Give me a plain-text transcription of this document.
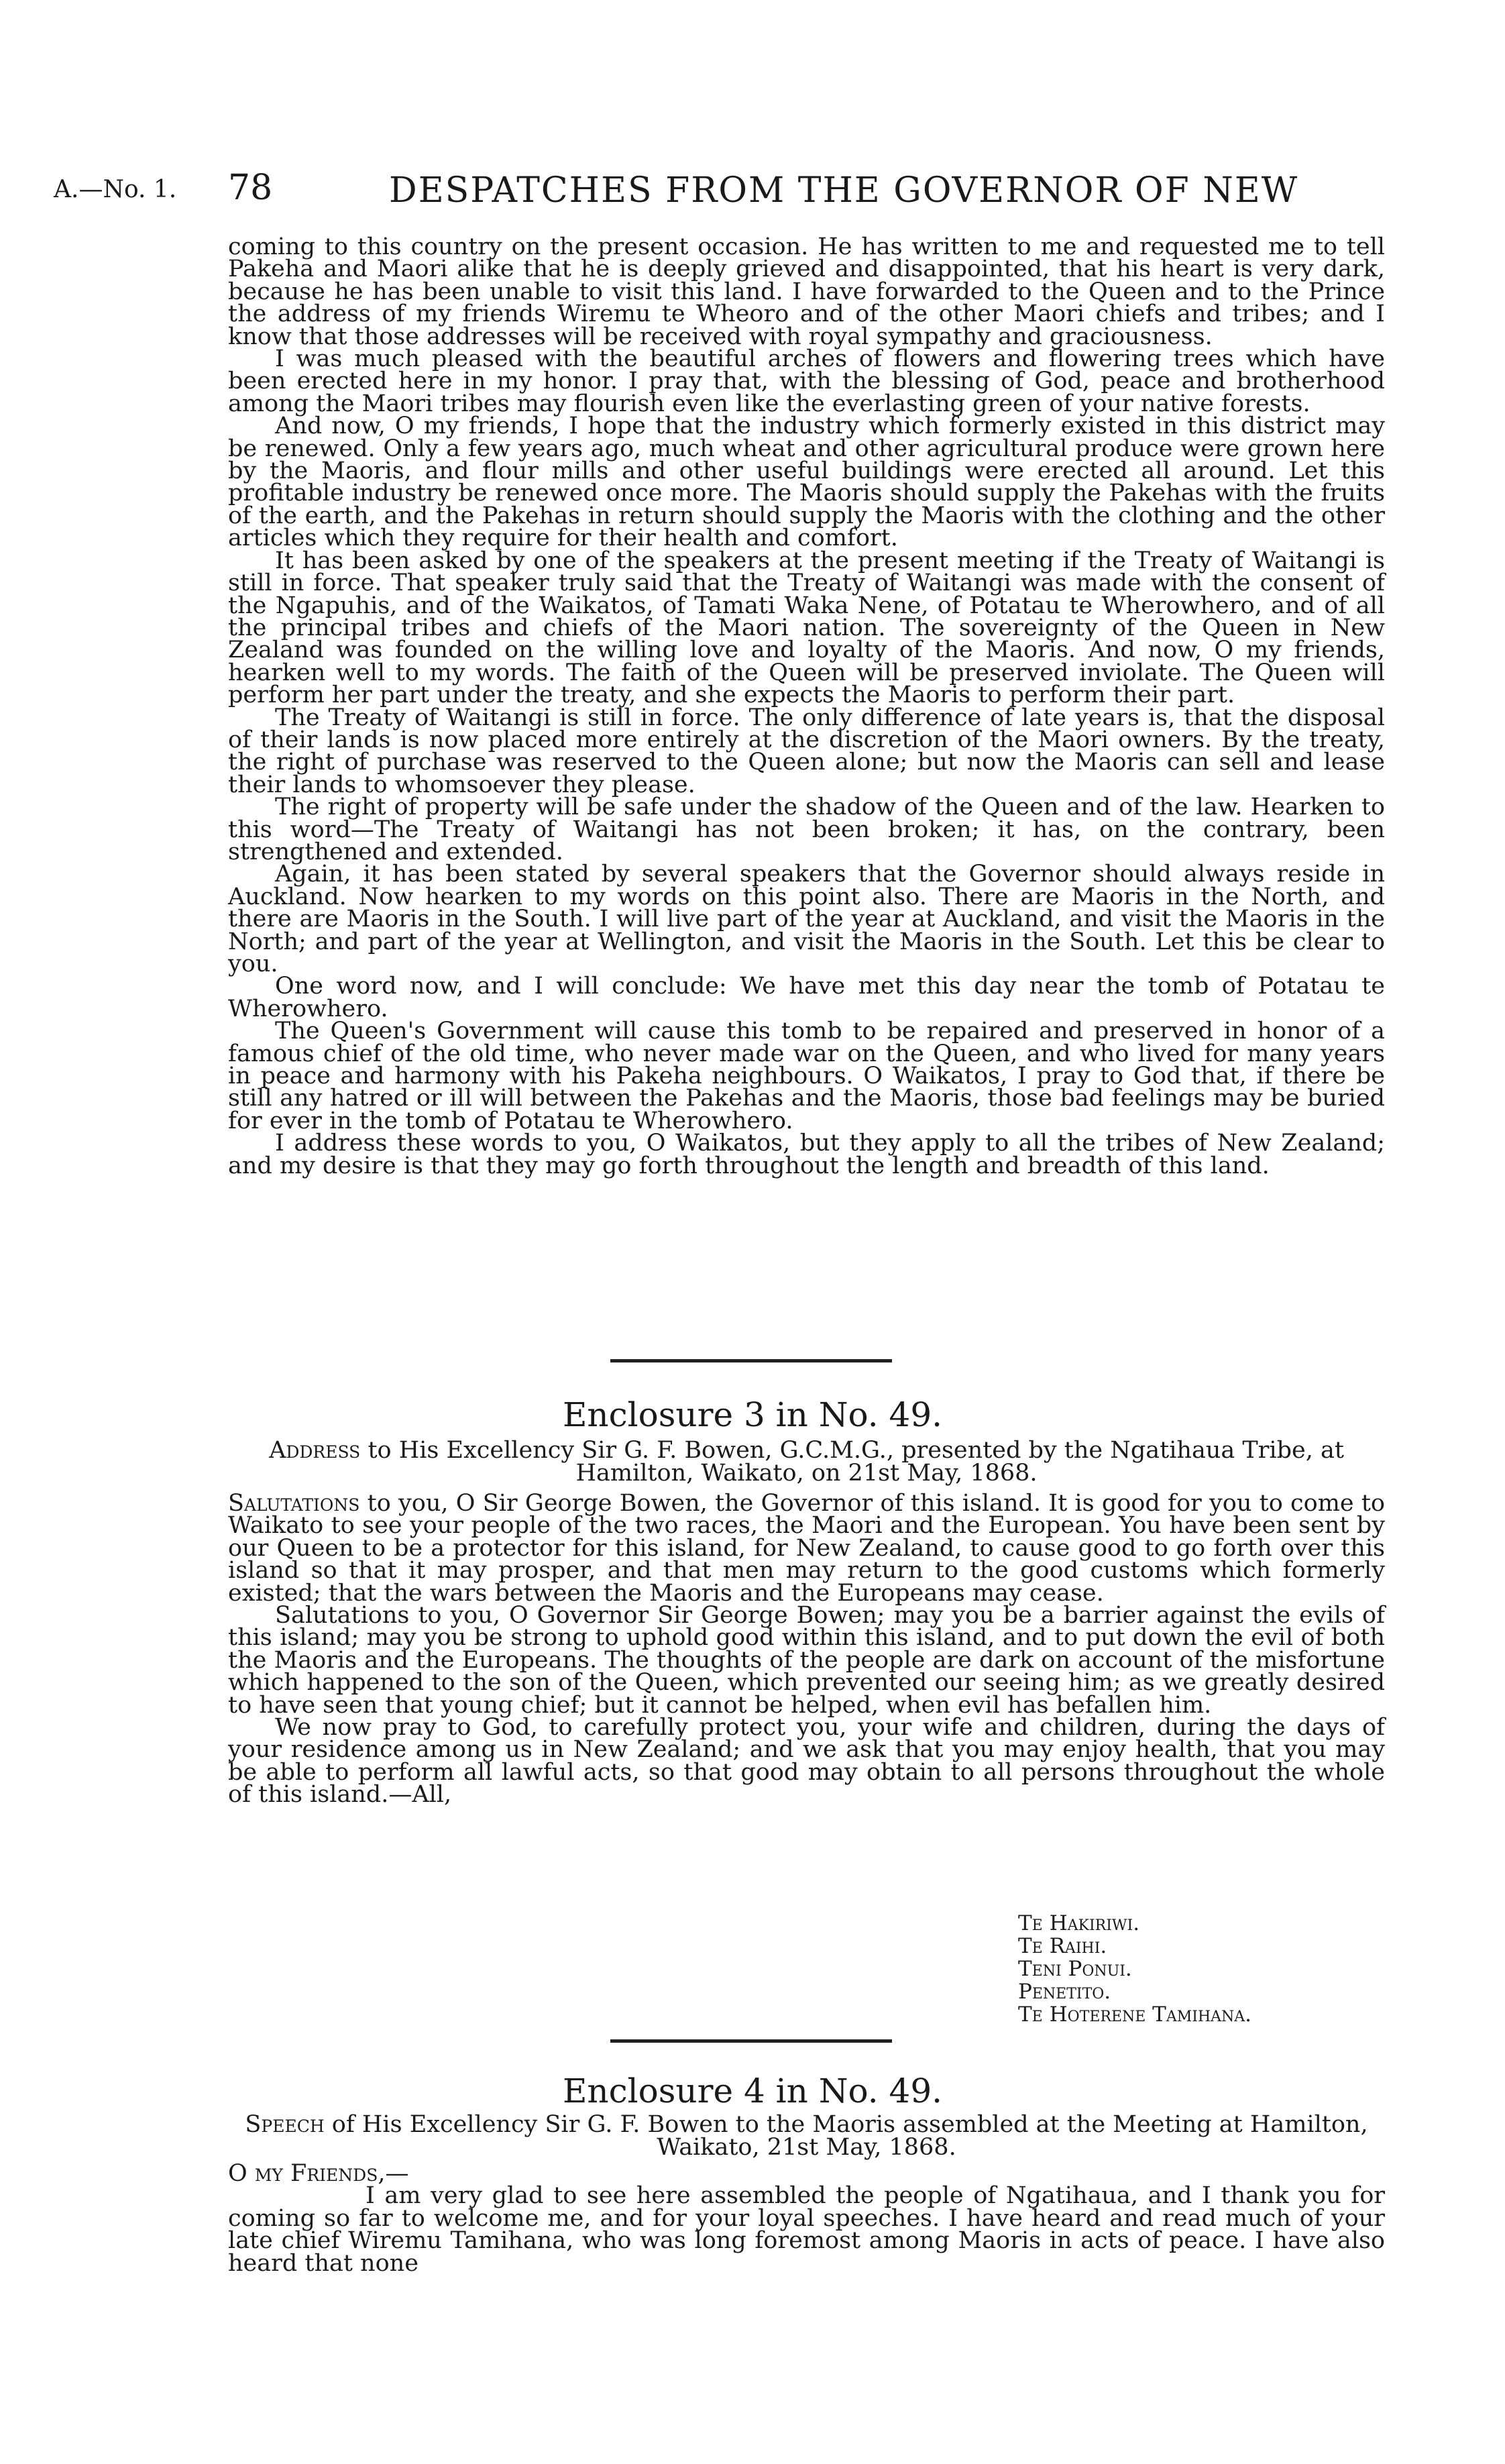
A.—No. 1. 78	DESPATCHES FROM THE GOVERNOR OF NEW

coming to this country on the present occasion. He has written to me and requested me to tell Pakeha and Maori alike that he is deeply grieved and disappointed, that his heart is very dark, because he has been unable to visit this land. I have forwarded to the Queen and to the Prince the address of my friends Wiremu te Wheoro and of the other Maori chiefs and tribes; and I know that those addresses will be received with royal sympathy and graciousness.

I was much pleased with the beautiful arches of flowers and flowering trees which have been erected here in my honor. I pray that, with the blessing of God, peace and brotherhood among the Maori tribes may flourish even like the everlasting green of your native forests.

And now, O my friends, I hope that the industry which formerly existed in this district may be renewed. Only a few years ago, much wheat and other agricultural produce were grown here by the Maoris, and flour mills and other useful buildings were erected all around. Let this profitable industry be renewed once more. The Maoris should supply the Pakehas with the fruits of the earth, and the Pakehas in return should supply the Maoris with the clothing and the other articles which they require for their health and comfort.

It has been asked by one of the speakers at the present meeting if the Treaty of Waitangi is still in force. That speaker truly said that the Treaty of Waitangi was made with the consent of the Ngapuhis, and of the Waikatos, of Tamati Waka Nene, of Potatau te Wherowhero, and of all the principal tribes and chiefs of the Maori nation. The sovereignty of the Queen in New Zealand was founded on the willing love and loyalty of the Maoris. And now, O my friends, hearken well to my words. The faith of the Queen will be preserved inviolate. The Queen will perform her part under the treaty, and she expects the Maoris to perform their part.

The Treaty of Waitangi is still in force. The only difference of late years is, that the disposal of their lands is now placed more entirely at the discretion of the Maori owners. By the treaty, the right of purchase was reserved to the Queen alone; but now the Maoris can sell and lease their lands to whomsoever they please.

The right of property will be safe under the shadow of the Queen and of the law. Hearken to this word—The Treaty of Waitangi has not been broken; it has, on the contrary, been strengthened and extended.

Again, it has been stated by several speakers that the Governor should always reside in Auckland. Now hearken to my words on this point also. There are Maoris in the North, and there are Maoris in the South. I will live part of the year at Auckland, and visit the Maoris in the North; and part of the year at Wellington, and visit the Maoris in the South. Let this be clear to you.

One word now, and I will conclude: We have met this day near the tomb of Potatau te Wherowhero.

The Queen's Government will cause this tomb to be repaired and preserved in honor of a famous chief of the old time, who never made war on the Queen, and who lived for many years in peace and harmony with his Pakeha neighbours. O Waikatos, I pray to God that, if there be still any hatred or ill will between the Pakehas and the Maoris, those bad feelings may be buried for ever in the tomb of Potatau te Wherowhero.

I address these words to you, O Waikatos, but they apply to all the tribes of New Zealand; and my desire is that they may go forth throughout the length and breadth of this land.

Enclosure 3 in No. 49.

Address to His Excellency Sir G. F. Bowen, G.C.M.G., presented by the Ngatihaua Tribe, at

Hamilton, Waikato, on 21st May, 1868.

Salutations to you, O Sir George Bowen, the Governor of this island. It is good for you to come to Waikato to see your people of the two races, the Maori and the European. You have been sent by our Queen to be a protector for this island, for New Zealand, to cause good to go forth over this island so that it may prosper, and that men may return to the good customs which formerly existed; that the wars between the Maoris and the Europeans may cease.

Salutations to you, O Governor Sir George Bowen; may you be a barrier against the evils of this island; may you be strong to uphold good within this island, and to put down the evil of both the Maoris and the Europeans. The thoughts of the people are dark on account of the misfortune which happened to the son of the Queen, which prevented our seeing him; as we greatly desired to have seen that young chief; but it cannot be helped, when evil has befallen him.

We now pray to God, to carefully protect you, your wife and children, during the days of your residence among us in New Zealand; and we ask that you may enjoy health, that you may be able to perform all lawful acts, so that good may obtain to all persons throughout the whole of this island.—All,

Te Hakiriwi.
Te Raihi.
Teni Ponui.
Penetito.
Te Hoterene Tamihana.
Enclosure 4 in No. 49.

Speech of His Excellency Sir G. F. Bowen to the Maoris assembled at the Meeting at Hamilton,

Waikato, 21st May, 1868.

O my Friends,—

I am very glad to see here assembled the people of Ngatihaua, and I thank you for coming so far to welcome me, and for your loyal speeches. I have heard and read much of your late chief Wiremu Tamihana, who was long foremost among Maoris in acts of peace. I have also heard that none
